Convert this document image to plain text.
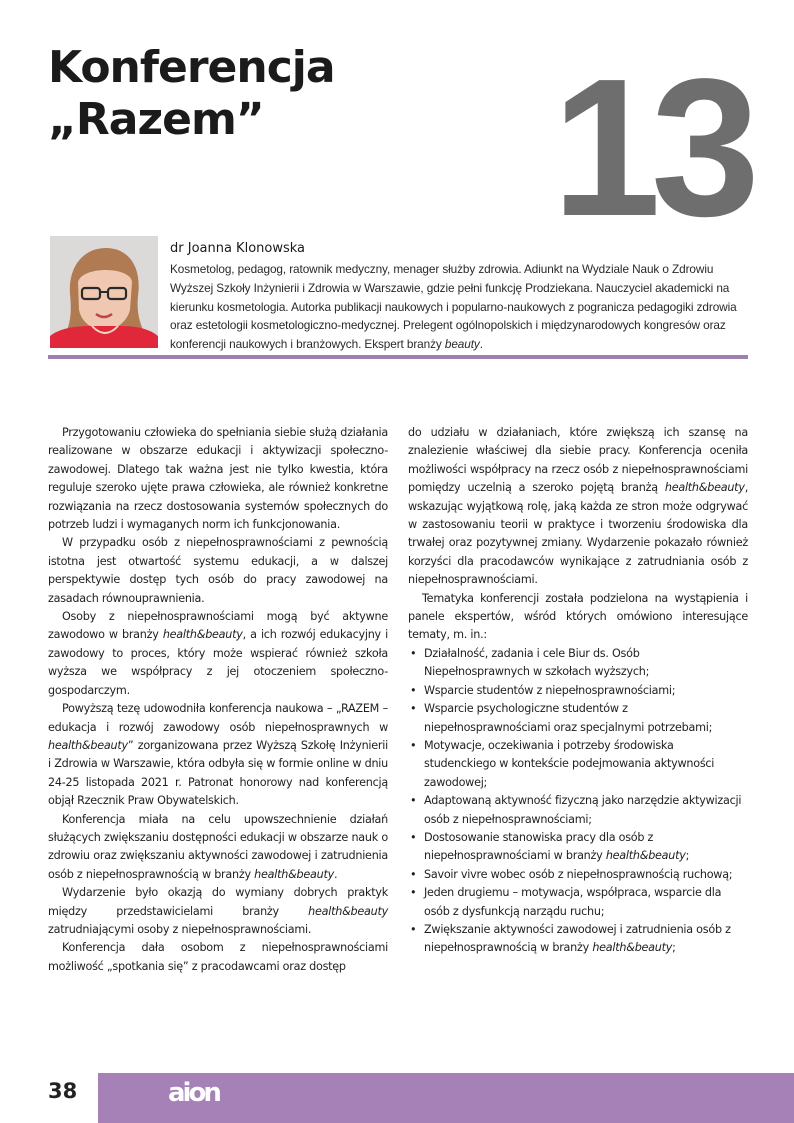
Konferencja
„Razem”	13
dr Joanna Klonowska
Kosmetolog, pedagog, ratownik medyczny, menager służby zdrowia. Adiunkt na Wydziale Nauk o Zdrowiu Wyższej Szkoły Inżynierii i Zdrowia w Warszawie, gdzie pełni funkcję Prodziekana. Nauczyciel akademicki na kierunku kosmetologia. Autorka publikacji naukowych i popularno-naukowych z pogranicza pedagogiki zdrowia oraz estetologii kosmetologiczno-medycznej. Prelegent ogólnopolskich i międzynarodowych kongresów oraz konferencji naukowych i branżowych. Ekspert branży beauty.

Przygotowaniu człowieka do spełniania siebie służą działania realizowane w obszarze edukacji i aktywizacji społeczno-zawodowej. Dlatego tak ważna jest nie tylko kwestia, która reguluje szeroko ujęte prawa człowieka, ale również konkretne rozwiązania na rzecz dostosowania systemów społecznych do potrzeb ludzi i wymaganych norm ich funkcjonowania.

W przypadku osób z niepełnosprawnościami z pewnością istotna jest otwartość systemu edukacji, a w dalszej perspektywie dostęp tych osób do pracy zawodowej na zasadach równouprawnienia.

Osoby z niepełnosprawnościami mogą być aktywne zawodowo w branży health&beauty, a ich rozwój edukacyjny i zawodowy to proces, który może wspierać również szkoła wyższa we współpracy z jej otoczeniem społeczno-gospodarczym.

Powyższą tezę udowodniła konferencja naukowa – „RAZEM – edukacja i rozwój zawodowy osób niepełnosprawnych w health&beauty” zorganizowana przez Wyższą Szkołę Inżynierii i Zdrowia w Warszawie, która odbyła się w formie online w dniu 24-25 listopada 2021 r. Patronat honorowy nad konferencją objął Rzecznik Praw Obywatelskich.

Konferencja miała na celu upowszechnienie działań służących zwiększaniu dostępności edukacji w obszarze nauk o zdrowiu oraz zwiększaniu aktywności zawodowej i zatrudnienia osób z niepełnosprawnością w branży health&beauty.

Wydarzenie było okazją do wymiany dobrych praktyk między przedstawicielami branży health&beauty zatrudniającymi osoby z niepełnosprawnościami.

Konferencja dała osobom z niepełnosprawnościami możliwość „spotkania się” z pracodawcami oraz dostęp

do udziału w działaniach, które zwiększą ich szansę na znalezienie właściwej dla siebie pracy. Konferencja oceniła możliwości współpracy na rzecz osób z niepełnosprawnościami pomiędzy uczelnią a szeroko pojętą branżą health&beauty, wskazując wyjątkową rolę, jaką każda ze stron może odgrywać w zastosowaniu teorii w praktyce i tworzeniu środowiska dla trwałej oraz pozytywnej zmiany. Wydarzenie pokazało również korzyści dla pracodawców wynikające z zatrudniania osób z niepełnosprawnościami.

Tematyka konferencji została podzielona na wystąpienia i panele ekspertów, wśród których omówiono interesujące tematy, m. in.:

• Działalność, zadania i cele Biur ds. Osób Niepełnosprawnych w szkołach wyższych;
• Wsparcie studentów z niepełnosprawnościami;
• Wsparcie psychologiczne studentów z niepełnosprawnościami oraz specjalnymi potrzebami;
• Motywacje, oczekiwania i potrzeby środowiska studenckiego w kontekście podejmowania aktywności zawodowej;
• Adaptowaną aktywność fizyczną jako narzędzie aktywizacji osób z niepełnosprawnościami;
• Dostosowanie stanowiska pracy dla osób z niepełnosprawnościami w branży health&beauty;
• Savoir vivre wobec osób z niepełnosprawnością ruchową;
• Jeden drugiemu – motywacja, współpraca, wsparcie dla osób z dysfunkcją narządu ruchu;
• Zwiększanie aktywności zawodowej i zatrudnienia osób z niepełnosprawnością w branży health&beauty;
38	aion
